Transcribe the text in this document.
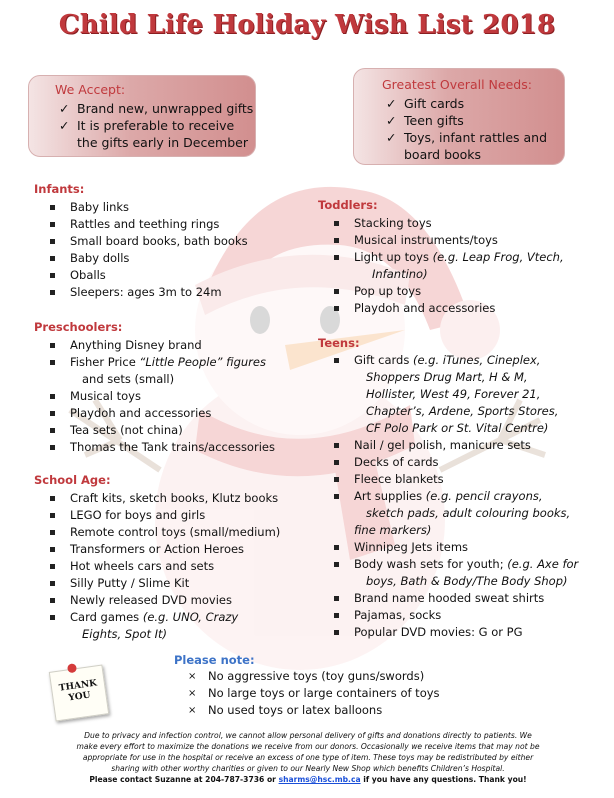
Child Life Holiday Wish List 2018
We Accept:
✓ Brand new, unwrapped gifts
✓ It is preferable to receive
the gifts early in December
Greatest Overall Needs:
✓ Gift cards
✓ Teen gifts
✓ Toys, infant rattles and
board books
Infants:
Baby links
Rattles and teething rings
Small board books, bath books
Baby dolls
Oballs
Sleepers: ages 3m to 24m
Preschoolers:
Anything Disney brand
Fisher Price “Little People” figures
and sets (small)
Musical toys
Playdoh and accessories
Tea sets (not china)
Thomas the Tank trains/accessories
School Age:
Craft kits, sketch books, Klutz books
LEGO for boys and girls
Remote control toys (small/medium)
Transformers or Action Heroes
Hot wheels cars and sets
Silly Putty / Slime Kit
Newly released DVD movies
Card games (e.g. UNO, Crazy
Eights, Spot It)
Toddlers:
Stacking toys
Musical instruments/toys
Light up toys (e.g. Leap Frog, Vtech,
Infantino)
Pop up toys
Playdoh and accessories
Teens:
Gift cards (e.g. iTunes, Cineplex,
Shoppers Drug Mart, H & M,
Hollister, West 49, Forever 21,
Chapter’s, Ardene, Sports Stores,
CF Polo Park or St. Vital Centre)
Nail / gel polish, manicure sets
Decks of cards
Fleece blankets
Art supplies (e.g. pencil crayons,
sketch pads, adult colouring books,
fine markers)
Winnipeg Jets items
Body wash sets for youth; (e.g. Axe for
boys, Bath & Body/The Body Shop)
Brand name hooded sweat shirts
Pajamas, socks
Popular DVD movies: G or PG
THANK YOU
Please note:
× No aggressive toys (toy guns/swords)
× No large toys or large containers of toys
× No used toys or latex balloons
Due to privacy and infection control, we cannot allow personal delivery of gifts and donations directly to patients. We
make every effort to maximize the donations we receive from our donors. Occasionally we receive items that may not be
appropriate for use in the hospital or receive an excess of one type of item. These toys may be redistributed by either
sharing with other worthy charities or given to our Nearly New Shop which benefits Children’s Hospital.
Please contact Suzanne at 204-787-3736 or sharms@hsc.mb.ca if you have any questions. Thank you!
